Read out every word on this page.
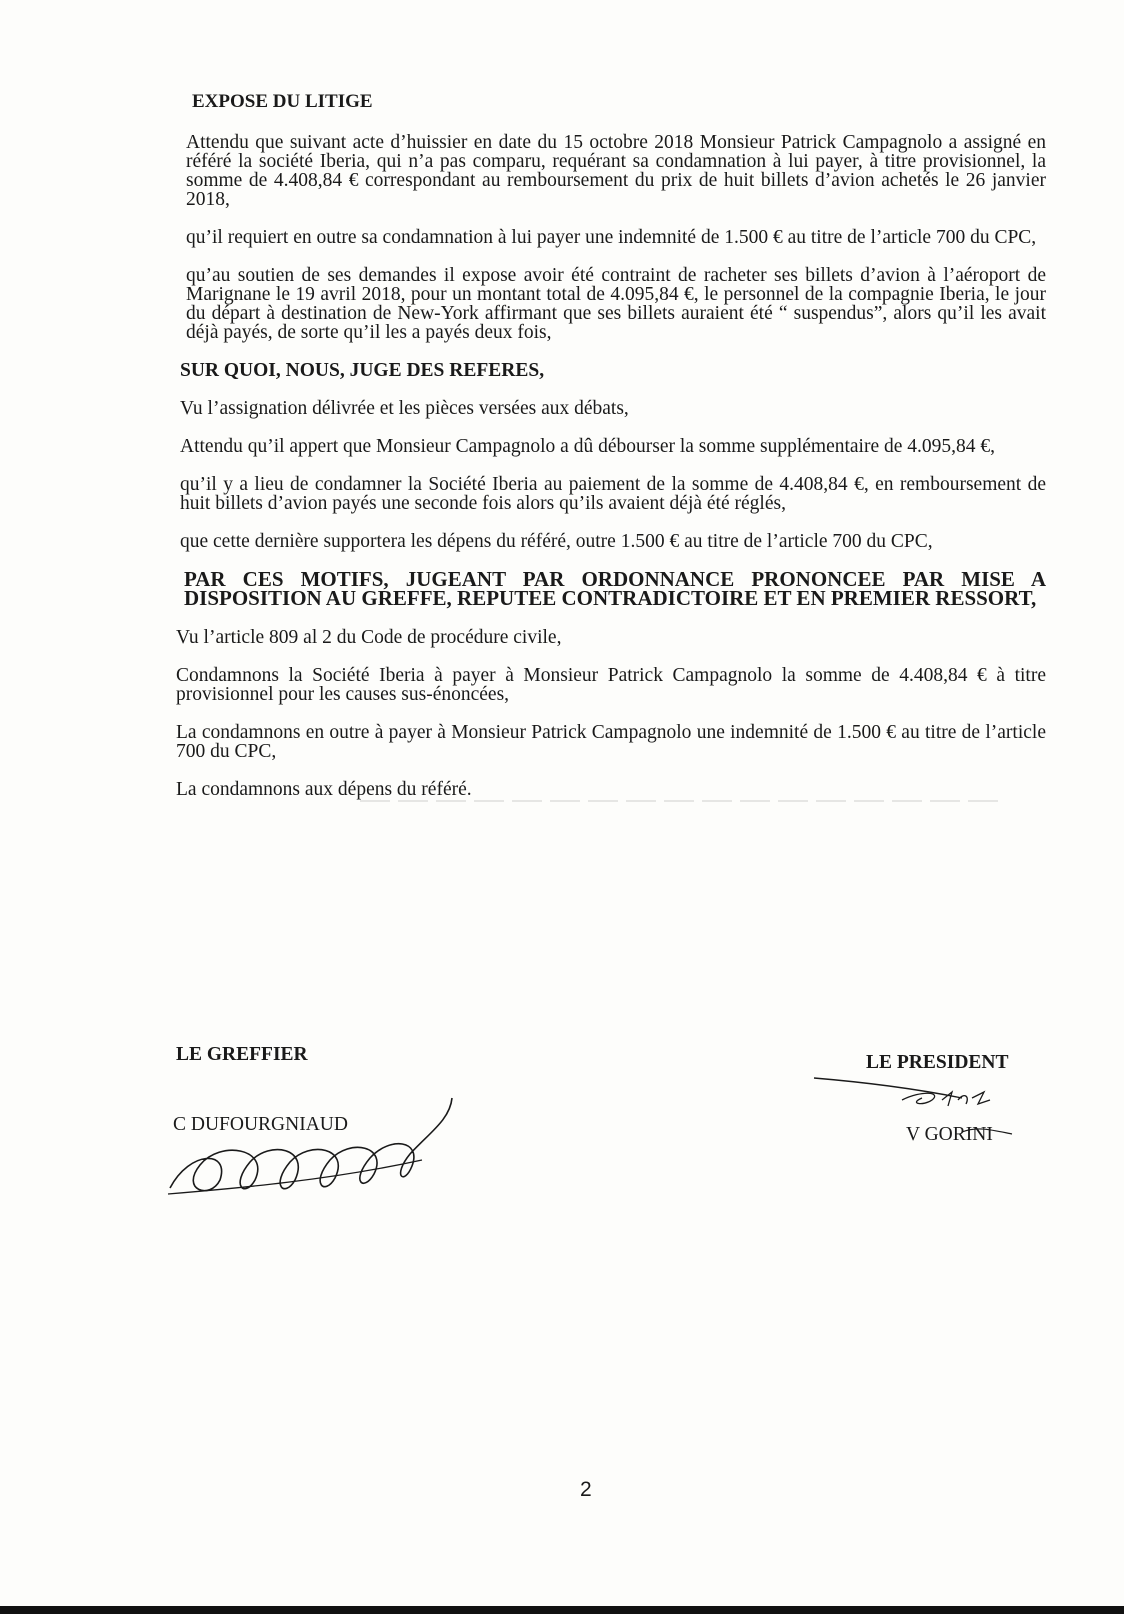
EXPOSE DU LITIGE

Attendu que suivant acte d’huissier en date du 15 octobre 2018 Monsieur Patrick Campagnolo a assigné en référé la société Iberia, qui n’a pas comparu, requérant sa condamnation à lui payer, à titre provisionnel, la somme de 4.408,84 € correspondant au remboursement du prix de huit billets d’avion achetés le 26 janvier 2018,

qu’il requiert en outre sa condamnation à lui payer une indemnité de 1.500 € au titre de l’article 700 du CPC,

qu’au soutien de ses demandes il expose avoir été contraint de racheter ses billets d’avion à l’aéroport de Marignane le 19 avril 2018, pour un montant total de 4.095,84 €, le personnel de la compagnie Iberia, le jour du départ à destination de New-York affirmant que ses billets auraient été “ suspendus”, alors qu’il les avait déjà payés, de sorte qu’il les a payés deux fois,

SUR QUOI, NOUS, JUGE DES REFERES,

Vu l’assignation délivrée et les pièces versées aux débats,

Attendu qu’il appert que Monsieur Campagnolo a dû débourser la somme supplémentaire de 4.095,84 €,

qu’il y a lieu de condamner la Société Iberia au paiement de la somme de 4.408,84 €, en remboursement de huit billets d’avion payés une seconde fois alors qu’ils avaient déjà été réglés,

que cette dernière supportera les dépens du référé, outre 1.500 € au titre de l’article 700 du CPC,

PAR CES MOTIFS, JUGEANT PAR ORDONNANCE PRONONCEE PAR MISE A DISPOSITION AU GREFFE, REPUTEE CONTRADICTOIRE ET EN PREMIER RESSORT,

Vu l’article 809 al 2 du Code de procédure civile,

Condamnons la Société Iberia à payer à Monsieur Patrick Campagnolo la somme de 4.408,84 € à titre provisionnel pour les causes sus-énoncées,

La condamnons en outre à payer à Monsieur Patrick Campagnolo une indemnité de 1.500 € au titre de l’article 700 du CPC,

La condamnons aux dépens du référé.

LE GREFFIER
C DUFOURGNIAUD
LE PRESIDENT
V GORINI
2
